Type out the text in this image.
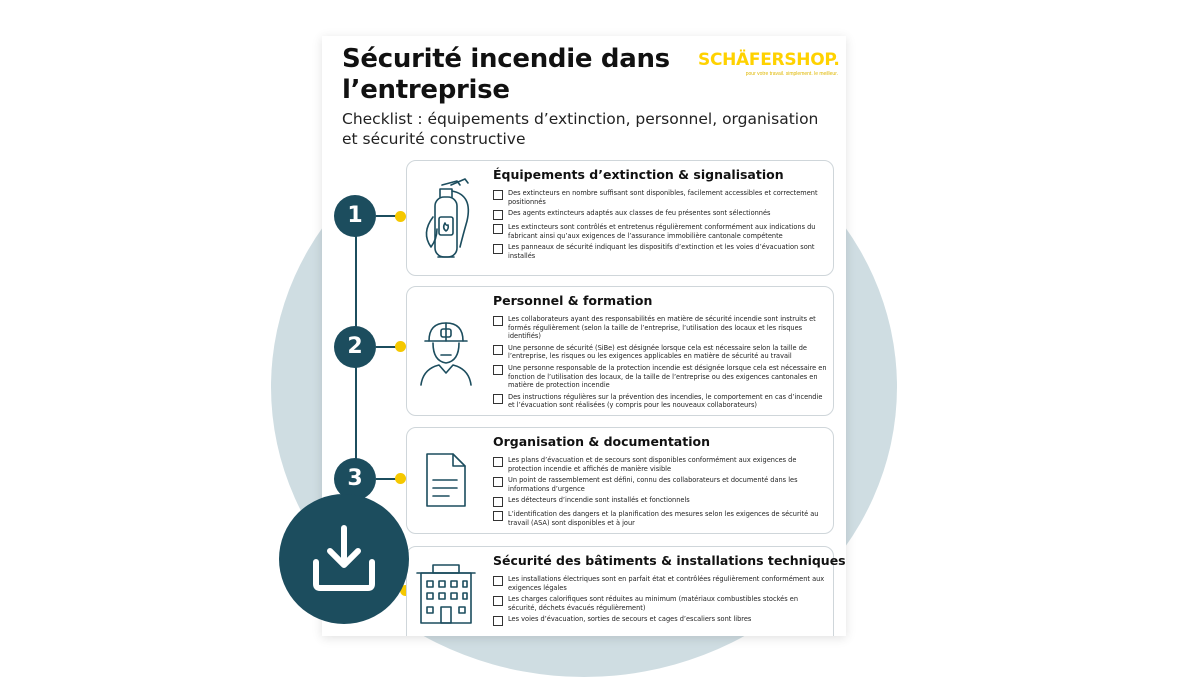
Sécurité incendie dans l’entreprise
Checklist : équipements d’extinction, personnel, organisation et sécurité constructive
SCHÄFERSHOP.
pour votre travail. simplement. le meilleur.
1
2
3
Équipements d’extinction & signalisation
Des extincteurs en nombre suffisant sont disponibles, facilement accessibles et correctement positionnés
Des agents extincteurs adaptés aux classes de feu présentes sont sélectionnés
Les extincteurs sont contrôlés et entretenus régulièrement conformément aux indications du fabricant ainsi qu’aux exigences de l’assurance immobilière cantonale compétente
Les panneaux de sécurité indiquant les dispositifs d’extinction et les voies d’évacuation sont installés
Personnel & formation
Les collaborateurs ayant des responsabilités en matière de sécurité incendie sont instruits et formés régulièrement (selon la taille de l’entreprise, l’utilisation des locaux et les risques identifiés)
Une personne de sécurité (SiBe) est désignée lorsque cela est nécessaire selon la taille de l’entreprise, les risques ou les exigences applicables en matière de sécurité au travail
Une personne responsable de la protection incendie est désignée lorsque cela est nécessaire en fonction de l’utilisation des locaux, de la taille de l’entreprise ou des exigences cantonales en matière de protection incendie
Des instructions régulières sur la prévention des incendies, le comportement en cas d’incendie et l’évacuation sont réalisées (y compris pour les nouveaux collaborateurs)
Organisation & documentation
Les plans d’évacuation et de secours sont disponibles conformément aux exigences de protection incendie et affichés de manière visible
Un point de rassemblement est défini, connu des collaborateurs et documenté dans les informations d’urgence
Les détecteurs d’incendie sont installés et fonctionnels
L’identification des dangers et la planification des mesures selon les exigences de sécurité au travail (ASA) sont disponibles et à jour
Sécurité des bâtiments & installations techniques
Les installations électriques sont en parfait état et contrôlées régulièrement conformément aux exigences légales
Les charges calorifiques sont réduites au minimum (matériaux combustibles stockés en sécurité, déchets évacués régulièrement)
Les voies d’évacuation, sorties de secours et cages d’escaliers sont libres
